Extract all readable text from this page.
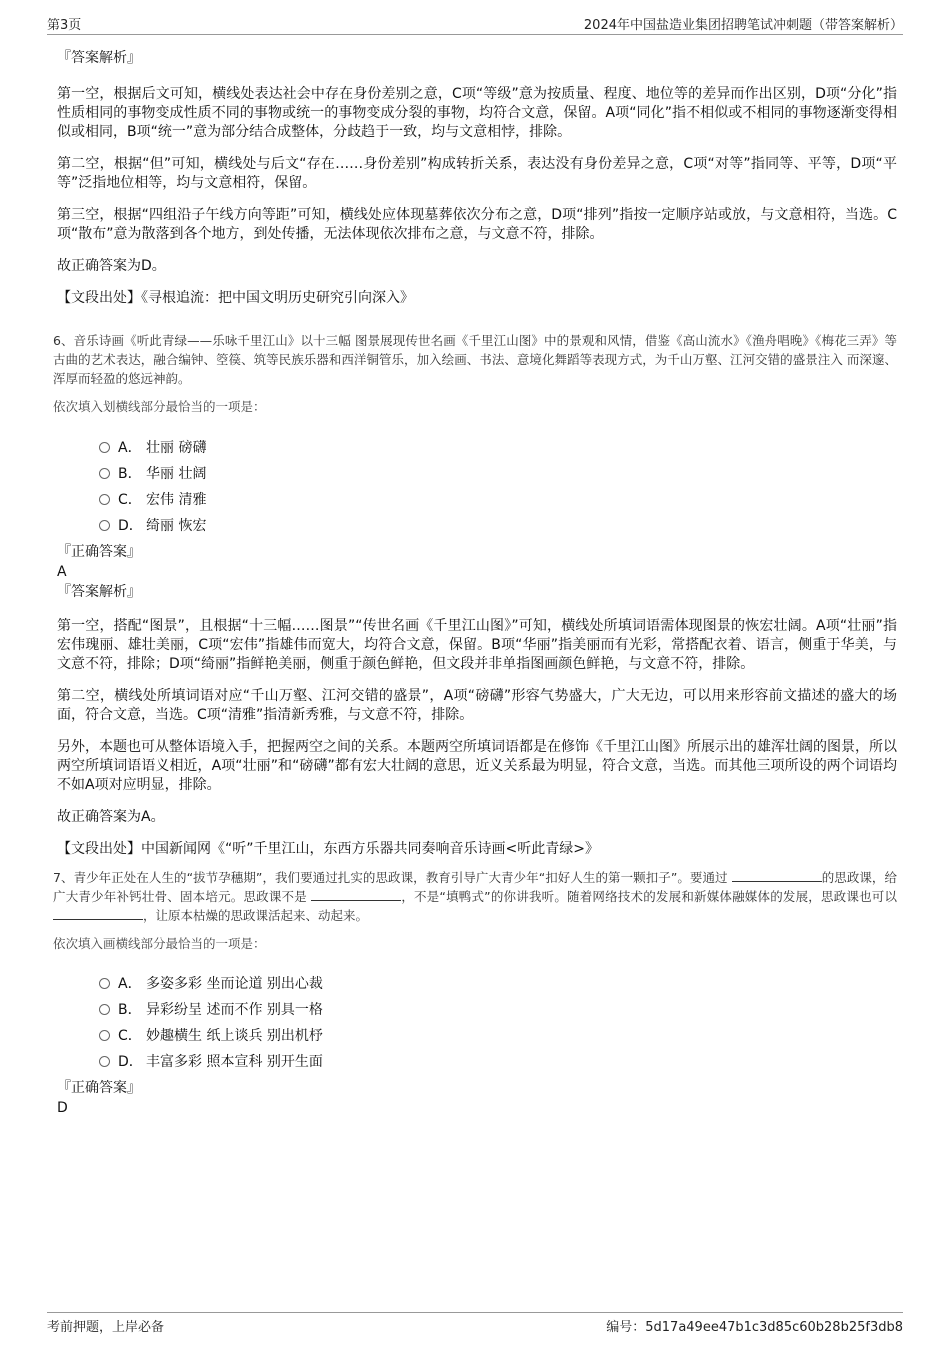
第3页	2024年中国盐造业集团招聘笔试冲刺题（带答案解析）

『答案解析』

第一空，根据后文可知，横线处表达社会中存在身份差别之意，C项“等级”意为按质量、程度、地位等的差异而作出区别，D项“分化”指性质相同的事物变成性质不同的事物或统一的事物变成分裂的事物，均符合文意，保留。A项“同化”指不相似或不相同的事物逐渐变得相似或相同，B项“统一”意为部分结合成整体，分歧趋于一致，均与文意相悖，排除。

第二空，根据“但”可知，横线处与后文“存在……身份差别”构成转折关系，表达没有身份差异之意，C项“对等”指同等、平等，D项“平等”泛指地位相等，均与文意相符，保留。

第三空，根据“四组沿子午线方向等距”可知，横线处应体现墓葬依次分布之意，D项“排列”指按一定顺序站或放，与文意相符，当选。C项“散布”意为散落到各个地方，到处传播，无法体现依次排布之意，与文意不符，排除。

故正确答案为D。

【文段出处】《寻根追流：把中国文明历史研究引向深入》

6、音乐诗画《听此青绿——乐咏千里江山》以十三幅 图景展现传世名画《千里江山图》中的景观和风情，借鉴《高山流水》《渔舟唱晚》《梅花三弄》等古曲的艺术表达，融合编钟、箜篌、筑等民族乐器和西洋铜管乐，加入绘画、书法、意境化舞蹈等表现方式，为千山万壑、江河交错的盛景注入 而深邃、浑厚而轻盈的悠远神韵。

依次填入划横线部分最恰当的一项是：

A． 壮丽 磅礴
B． 华丽 壮阔
C． 宏伟 清雅
D． 绮丽 恢宏

『正确答案』

A

『答案解析』

第一空，搭配“图景”，且根据“十三幅……图景”“传世名画《千里江山图》”可知，横线处所填词语需体现图景的恢宏壮阔。A项“壮丽”指宏伟瑰丽、雄壮美丽，C项“宏伟”指雄伟而宽大，均符合文意，保留。B项“华丽”指美丽而有光彩，常搭配衣着、语言，侧重于华美，与文意不符，排除；D项“绮丽”指鲜艳美丽，侧重于颜色鲜艳，但文段并非单指图画颜色鲜艳，与文意不符，排除。

第二空，横线处所填词语对应“千山万壑、江河交错的盛景”，A项“磅礴”形容气势盛大，广大无边，可以用来形容前文描述的盛大的场面，符合文意，当选。C项“清雅”指清新秀雅，与文意不符，排除。

另外，本题也可从整体语境入手，把握两空之间的关系。本题两空所填词语都是在修饰《千里江山图》所展示出的雄浑壮阔的图景，所以两空所填词语语义相近，A项“壮丽”和“磅礴”都有宏大壮阔的意思，近义关系最为明显，符合文意，当选。而其他三项所设的两个词语均不如A项对应明显，排除。

故正确答案为A。

【文段出处】中国新闻网《“听”千里江山，东西方乐器共同奏响音乐诗画<听此青绿>》

7、青少年正处在人生的“拔节孕穗期”，我们要通过扎实的思政课，教育引导广大青少年“扣好人生的第一颗扣子”。要通过	的思政课，给广大青少年补钙壮骨、固本培元。思政课不是	，不是“填鸭式”的你讲我听。随着网络技术的发展和新媒体融媒体的发展，思政课也可以 ，让原本枯燥的思政课活起来、动起来。

依次填入画横线部分最恰当的一项是：

A． 多姿多彩 坐而论道 别出心裁
B． 异彩纷呈 述而不作 别具一格
C． 妙趣横生 纸上谈兵 别出机杼
D． 丰富多彩 照本宣科 别开生面

『正确答案』

D

考前押题，上岸必备	编号：5d17a49ee47b1c3d85c60b28b25f3db8
